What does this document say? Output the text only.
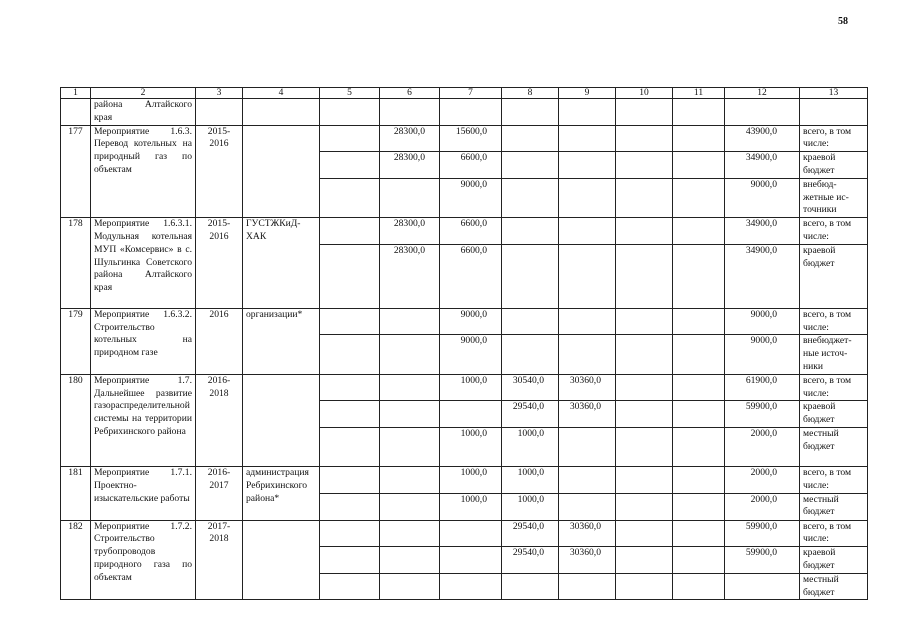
58
1	2	3	4	5	6	7	8	9	10	11	12	13
	района Алтайского края											
177	Мероприятие 1.6.3. Перевод котельных на природный газ по объектам	2015-2016			28300,0	15600,0					43900,0	всего, в том числе:
					28300,0	6600,0					34900,0	краевой бюджет
						9000,0					9000,0	внебюд-жетные ис-точники
178	Мероприятие 1.6.3.1. Модульная котельная МУП «Комсервис» в с. Шульгинка Советского района Алтайского края	2015-2016	ГУСТЖКиД-ХАК		28300,0	6600,0					34900,0	всего, в том числе:
					28300,0	6600,0					34900,0	краевой бюджет
179	Мероприятие 1.6.3.2. Строительство котельных на природном газе	2016	организации*			9000,0					9000,0	всего, в том числе:
						9000,0					9000,0	внебюджет-ные источ-ники
180	Мероприятие 1.7. Дальнейшее развитие газораспределительной системы на территории Ребрихинского района	2016-2018				1000,0	30540,0	30360,0			61900,0	всего, в том числе:
							29540,0	30360,0			59900,0	краевой бюджет
						1000,0	1000,0				2000,0	местный бюджет
181	Мероприятие 1.7.1. Проектно-изыскательские работы	2016-2017	администрация Ребрихинского района*			1000,0	1000,0				2000,0	всего, в том числе:
						1000,0	1000,0				2000,0	местный бюджет
182	Мероприятие 1.7.2. Строительство трубопроводов природного газа по объектам	2017-2018					29540,0	30360,0			59900,0	всего, в том числе:
							29540,0	30360,0			59900,0	краевой бюджет
												местный бюджет
